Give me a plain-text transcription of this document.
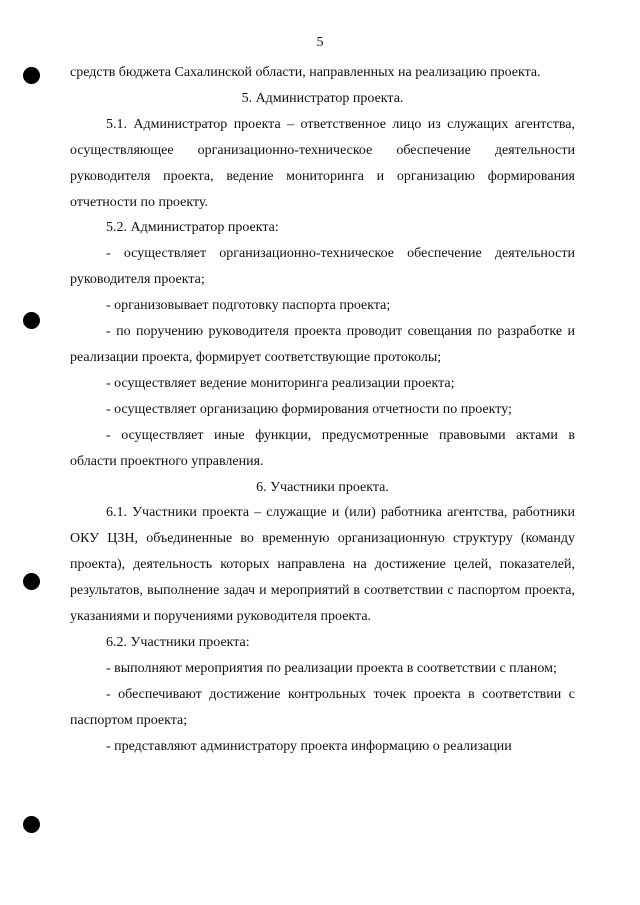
5

средств бюджета Сахалинской области, направленных на реализацию проекта.

5. Администратор проекта.

5.1. Администратор проекта – ответственное лицо из служащих агентства, осуществляющее организационно-техническое обеспечение деятельности руководителя проекта, ведение мониторинга и организацию формирования отчетности по проекту.

5.2. Администратор проекта:

- осуществляет организационно-техническое обеспечение деятельности руководителя проекта;

- организовывает подготовку паспорта проекта;

- по поручению руководителя проекта проводит совещания по разработке и реализации проекта, формирует соответствующие протоколы;

- осуществляет ведение мониторинга реализации проекта;

- осуществляет организацию формирования отчетности по проекту;

- осуществляет иные функции, предусмотренные правовыми актами в области проектного управления.

6. Участники проекта.

6.1. Участники проекта – служащие и (или) работника агентства, работники ОКУ ЦЗН, объединенные во временную организационную структуру (команду проекта), деятельность которых направлена на достижение целей, показателей, результатов, выполнение задач и мероприятий в соответствии с паспортом проекта, указаниями и поручениями руководителя проекта.

6.2. Участники проекта:

- выполняют мероприятия по реализации проекта в соответствии с планом;

- обеспечивают достижение контрольных точек проекта в соответствии с паспортом проекта;

- представляют администратору проекта информацию о реализации
